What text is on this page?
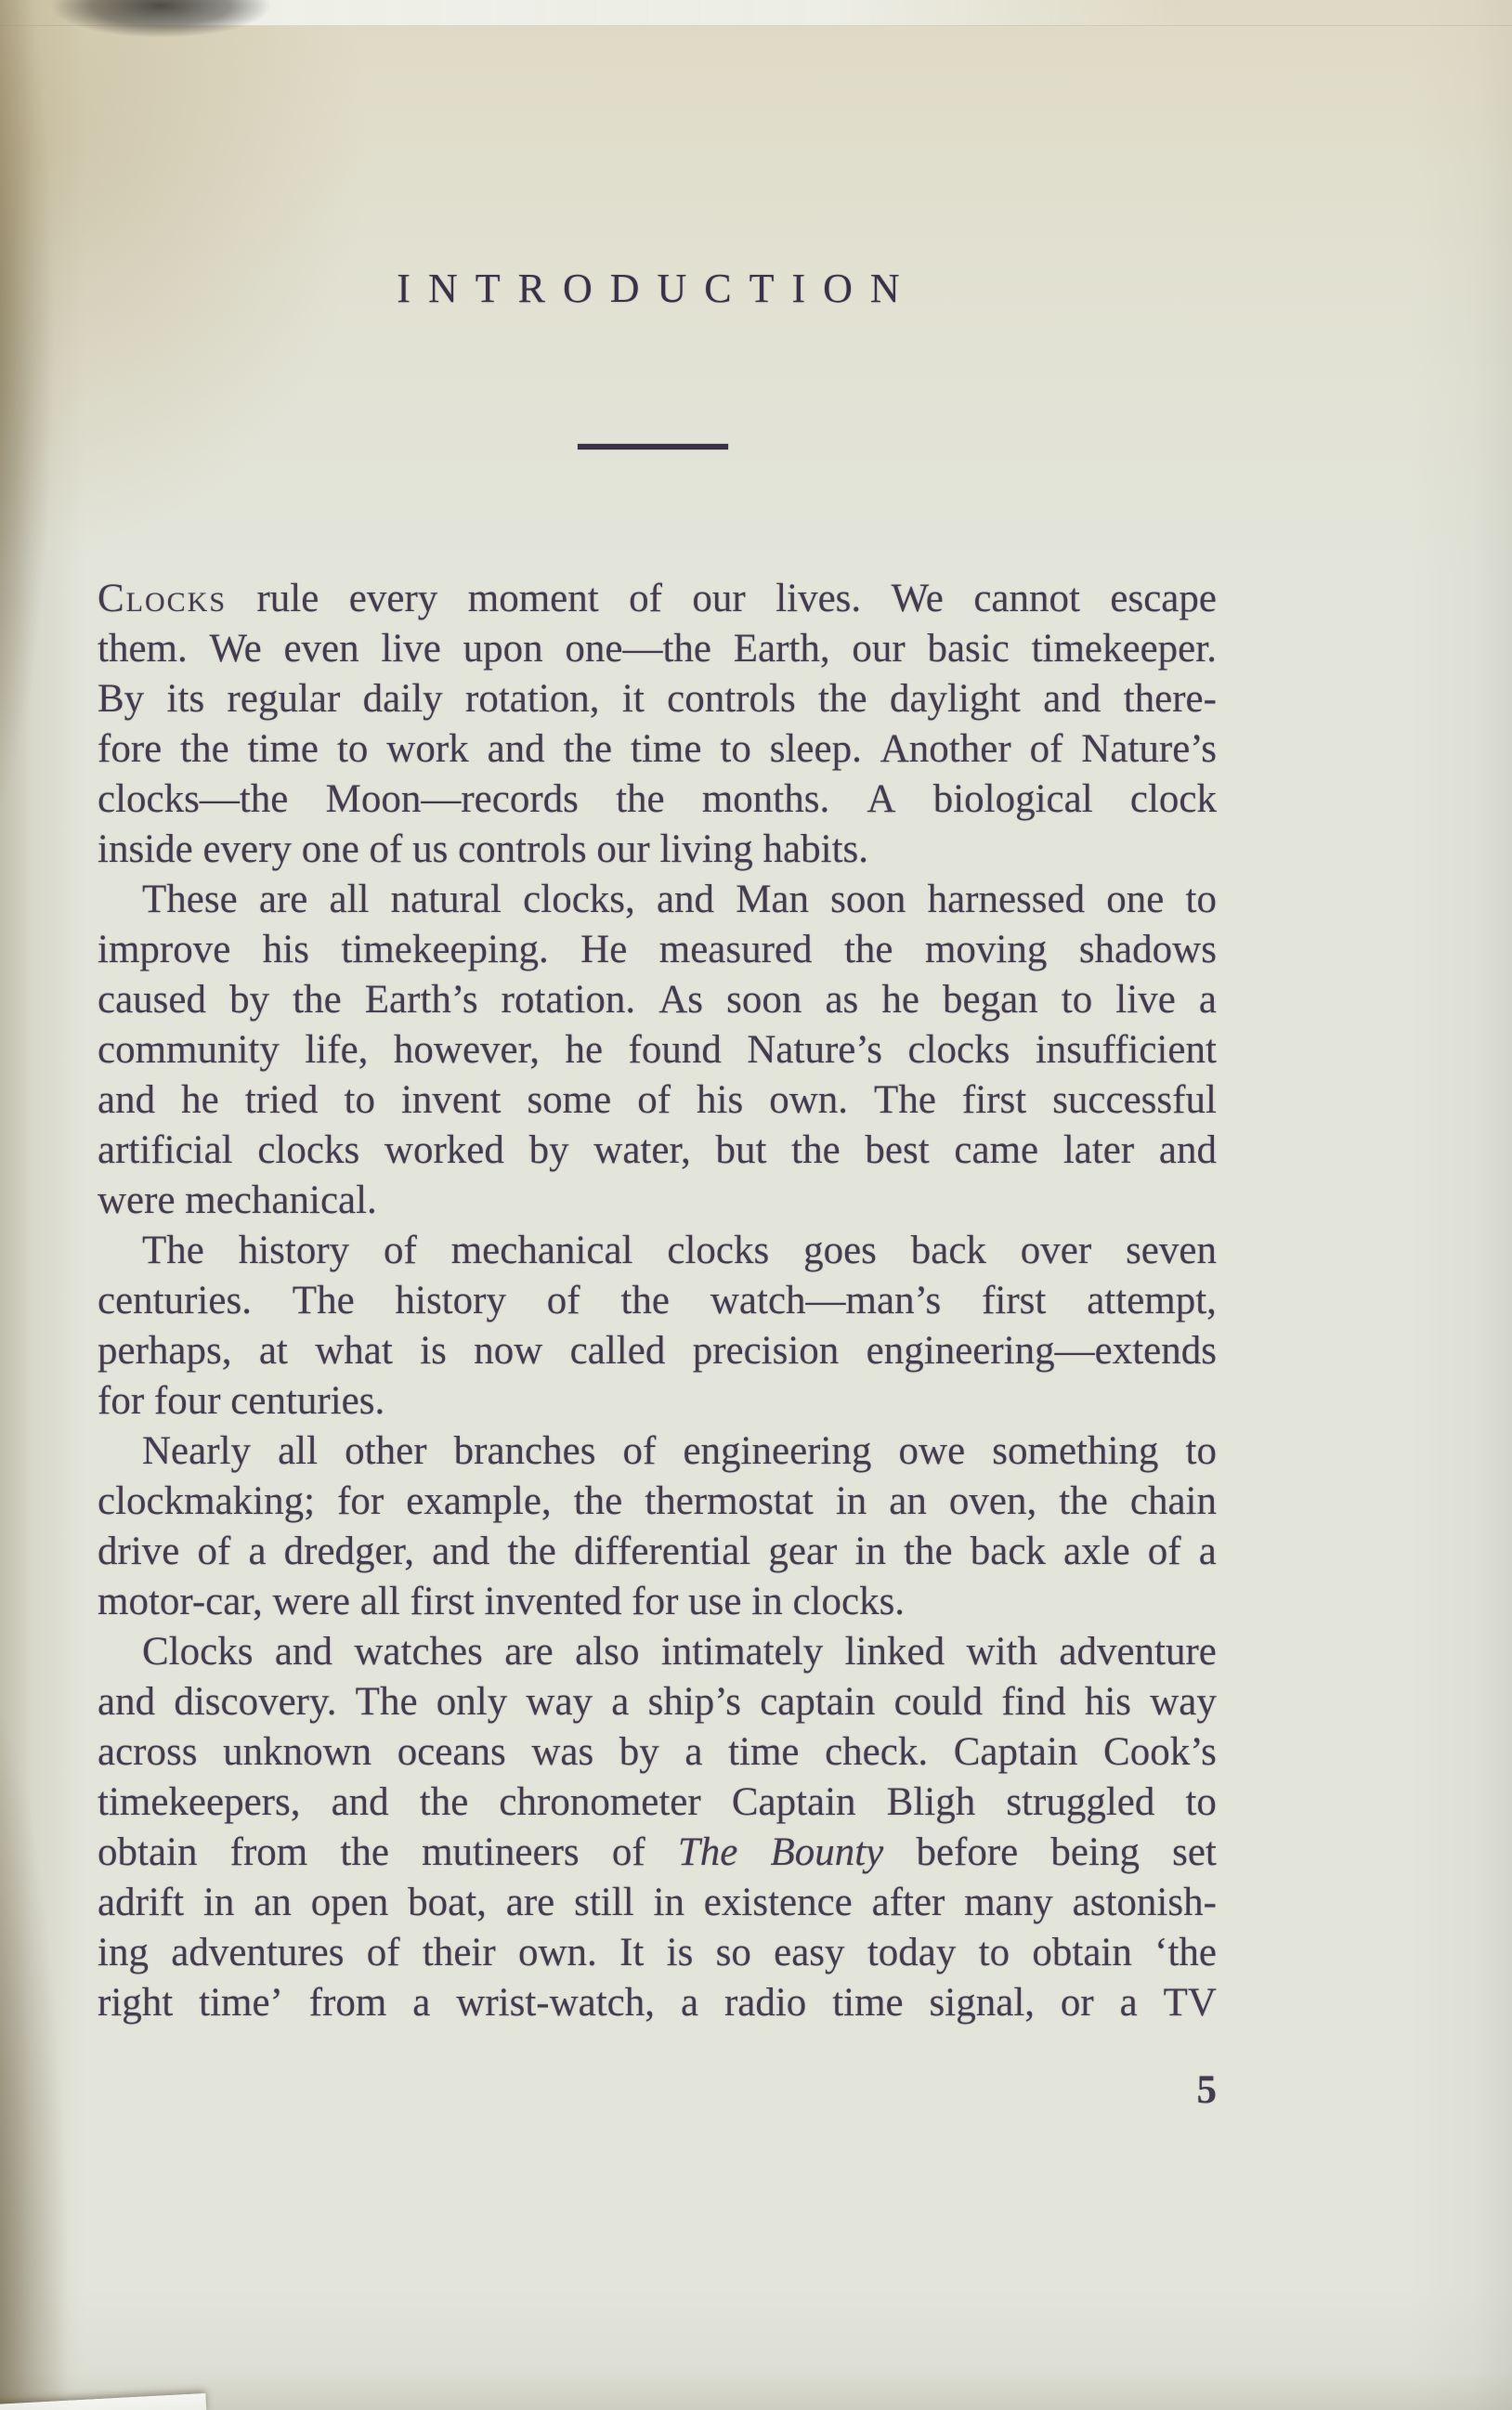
INTRODUCTION
Clocks rule every moment of our lives. We cannot escape
them. We even live upon one—the Earth, our basic timekeeper.
By its regular daily rotation, it controls the daylight and there-
fore the time to work and the time to sleep. Another of Nature’s
clocks—the Moon—records the months. A biological clock
inside every one of us controls our living habits.
These are all natural clocks, and Man soon harnessed one to
improve his timekeeping. He measured the moving shadows
caused by the Earth’s rotation. As soon as he began to live a
community life, however, he found Nature’s clocks insufficient
and he tried to invent some of his own. The first successful
artificial clocks worked by water, but the best came later and
were mechanical.
The history of mechanical clocks goes back over seven
centuries. The history of the watch—man’s first attempt,
perhaps, at what is now called precision engineering—extends
for four centuries.
Nearly all other branches of engineering owe something to
clockmaking; for example, the thermostat in an oven, the chain
drive of a dredger, and the differential gear in the back axle of a
motor-car, were all first invented for use in clocks.
Clocks and watches are also intimately linked with adventure
and discovery. The only way a ship’s captain could find his way
across unknown oceans was by a time check. Captain Cook’s
timekeepers, and the chronometer Captain Bligh struggled to
obtain from the mutineers of The Bounty before being set
adrift in an open boat, are still in existence after many astonish-
ing adventures of their own. It is so easy today to obtain ‘the
right time’ from a wrist-watch, a radio time signal, or a TV
5
